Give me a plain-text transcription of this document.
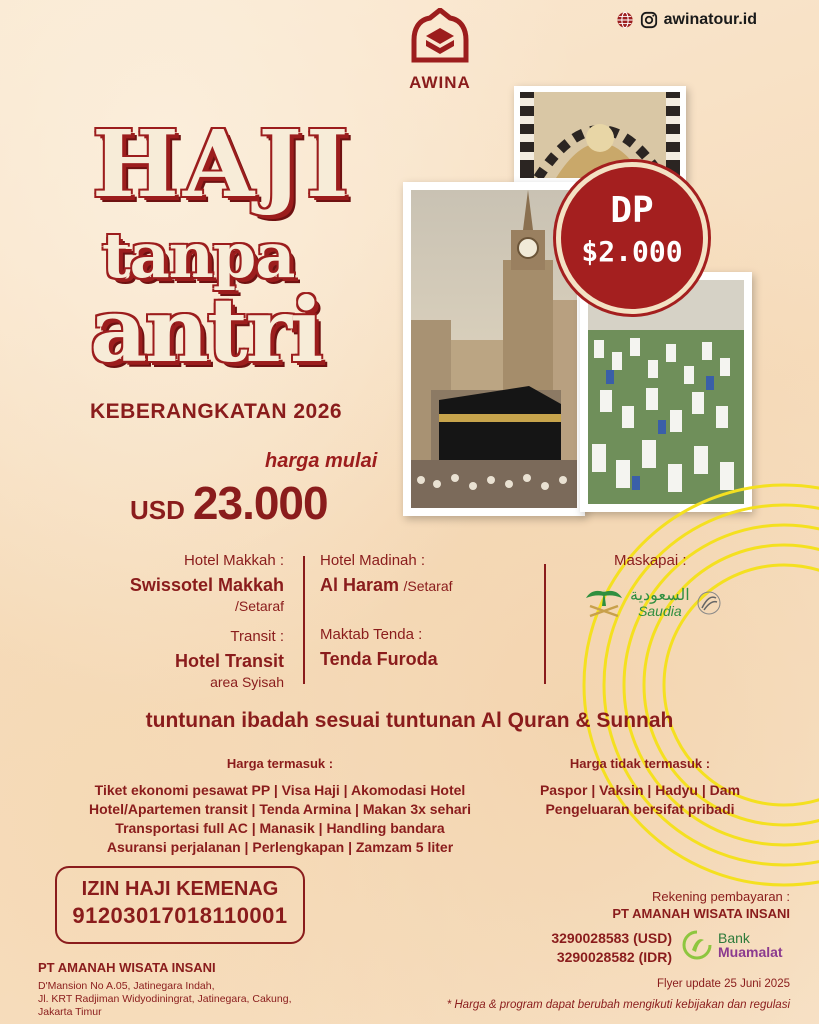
AWINA
awinatour.id
HAJI
tanpa
antri
KEBERANGKATAN 2026
harga mulai
USD 23.000
DP
$2.000
Hotel Makkah :
Swissotel Makkah
/Setaraf
Transit :
Hotel Transit
area Syisah
Hotel Madinah :
Al Haram /Setaraf
Maktab Tenda :
Tenda Furoda
Maskapai :
السعودية
Saudia
tuntunan ibadah sesuai tuntunan Al Quran & Sunnah
Harga termasuk :
Tiket ekonomi pesawat PP | Visa Haji | Akomodasi Hotel
Hotel/Apartemen transit | Tenda Armina | Makan 3x sehari
Transportasi full AC | Manasik | Handling bandara
Asuransi perjalanan | Perlengkapan | Zamzam 5 liter
Harga tidak termasuk :
Paspor | Vaksin | Hadyu | Dam
Pengeluaran bersifat pribadi
IZIN HAJI KEMENAG
91203017018110001
PT AMANAH WISATA INSANI
D'Mansion No A.05, Jatinegara Indah,
Jl. KRT Radjiman Widyodiningrat, Jatinegara, Cakung,
Jakarta Timur
Rekening pembayaran :
PT AMANAH WISATA INSANI
3290028583 (USD)
3290028582 (IDR)
Bank
Muamalat
Flyer update 25 Juni 2025
* Harga & program dapat berubah mengikuti kebijakan dan regulasi
